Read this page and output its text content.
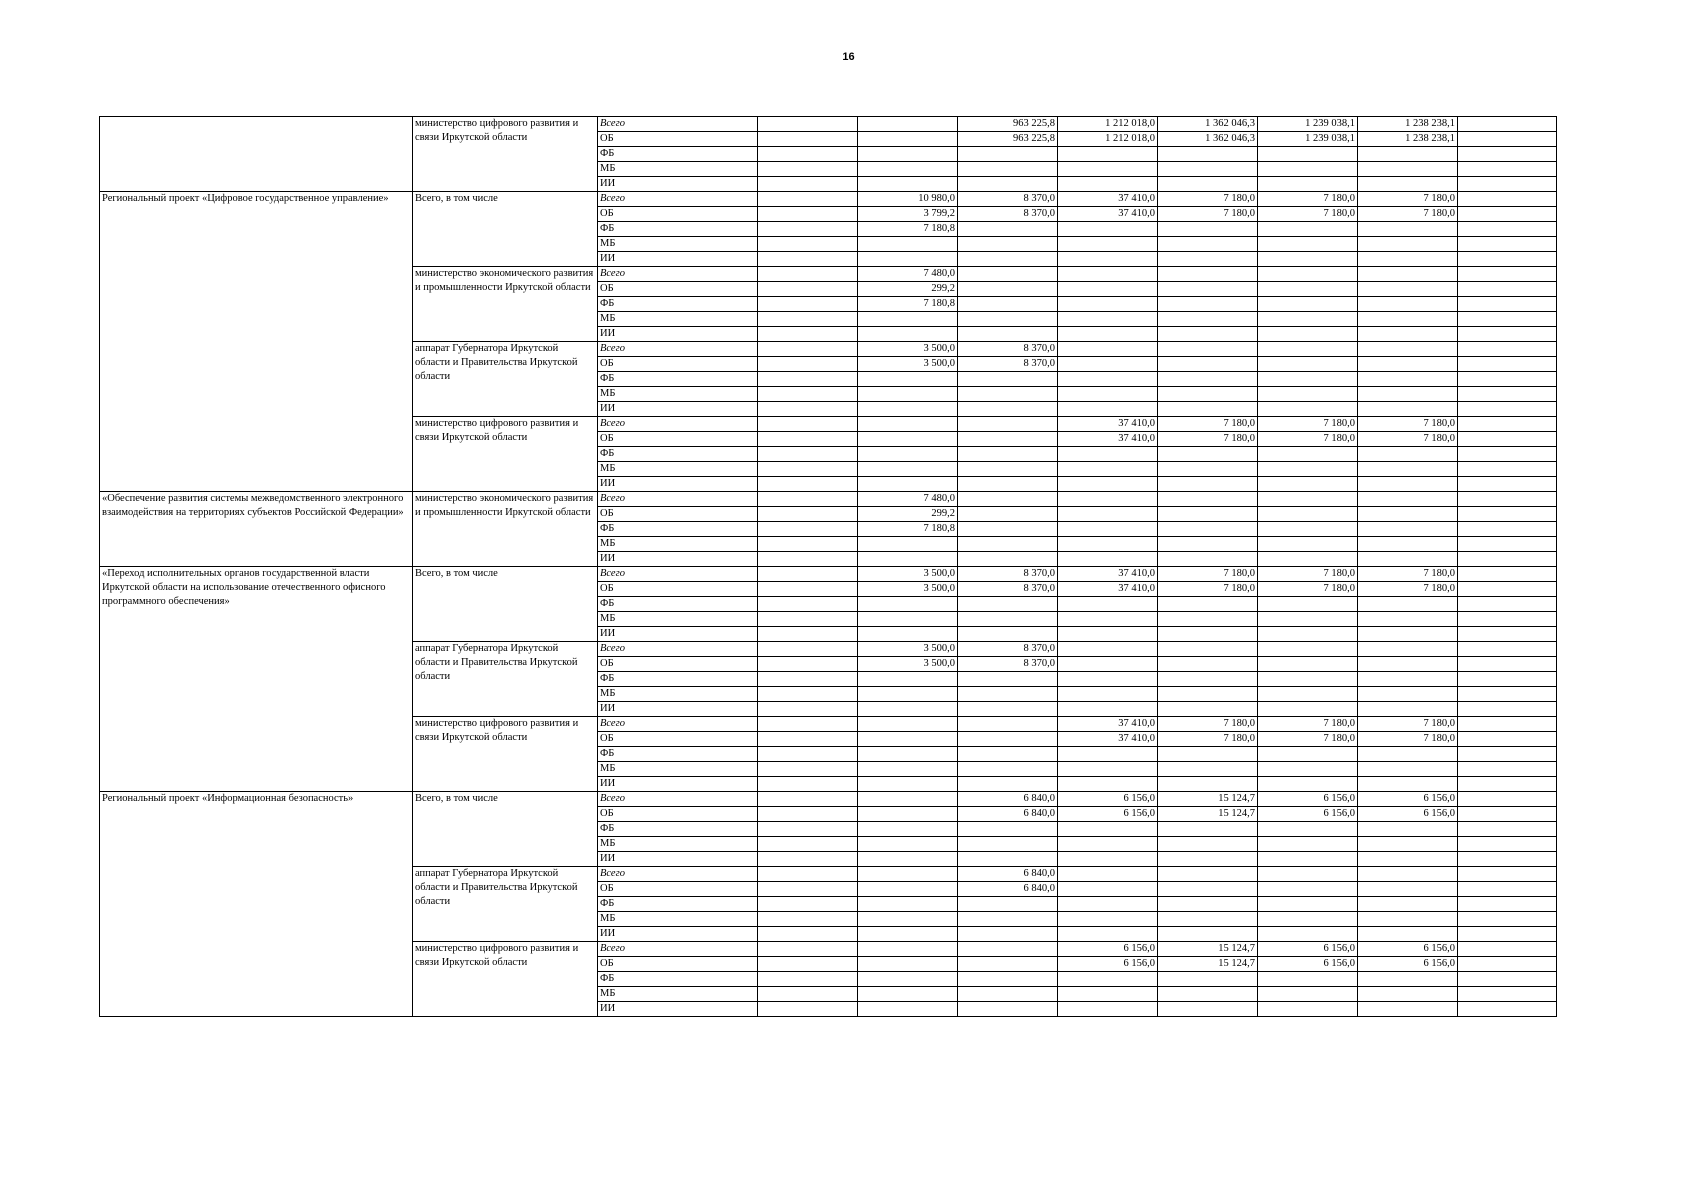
16
	министерство цифрового развития и связи Иркутской области	Всего			963 225,8	1 212 018,0	1 362 046,3	1 239 038,1	1 238 238,1	
		ОБ			963 225,8	1 212 018,0	1 362 046,3	1 239 038,1	1 238 238,1	
		ФБ								
		МБ								
		ИИ								
Региональный проект «Цифровое государственное управление»	Всего, в том числе	Всего		10 980,0	8 370,0	37 410,0	7 180,0	7 180,0	7 180,0	
		ОБ		3 799,2	8 370,0	37 410,0	7 180,0	7 180,0	7 180,0	
		ФБ		7 180,8						
		МБ								
		ИИ								
	министерство экономического развития и промышленности Иркутской области	Всего		7 480,0						
		ОБ		299,2						
		ФБ		7 180,8						
		МБ								
		ИИ								
	аппарат Губернатора Иркутской области и Правительства Иркутской области	Всего		3 500,0	8 370,0					
		ОБ		3 500,0	8 370,0					
		ФБ								
		МБ								
		ИИ								
	министерство цифрового развития и связи Иркутской области	Всего				37 410,0	7 180,0	7 180,0	7 180,0	
		ОБ				37 410,0	7 180,0	7 180,0	7 180,0	
		ФБ								
		МБ								
		ИИ								
«Обеспечение развития системы межведомственного электронного взаимодействия на территориях субъектов Российской Федерации»	министерство экономического развития и промышленности Иркутской области	Всего		7 480,0						
		ОБ		299,2						
		ФБ		7 180,8						
		МБ								
		ИИ								
«Переход исполнительных органов государственной власти Иркутской области на использование отечественного офисного программного обеспечения»	Всего, в том числе	Всего		3 500,0	8 370,0	37 410,0	7 180,0	7 180,0	7 180,0	
		ОБ		3 500,0	8 370,0	37 410,0	7 180,0	7 180,0	7 180,0	
		ФБ								
		МБ								
		ИИ								
	аппарат Губернатора Иркутской области и Правительства Иркутской области	Всего		3 500,0	8 370,0					
		ОБ		3 500,0	8 370,0					
		ФБ								
		МБ								
		ИИ								
	министерство цифрового развития и связи Иркутской области	Всего				37 410,0	7 180,0	7 180,0	7 180,0	
		ОБ				37 410,0	7 180,0	7 180,0	7 180,0	
		ФБ								
		МБ								
		ИИ								
Региональный проект «Информационная безопасность»	Всего, в том числе	Всего			6 840,0	6 156,0	15 124,7	6 156,0	6 156,0	
		ОБ			6 840,0	6 156,0	15 124,7	6 156,0	6 156,0	
		ФБ								
		МБ								
		ИИ								
	аппарат Губернатора Иркутской области и Правительства Иркутской области	Всего			6 840,0					
		ОБ			6 840,0					
		ФБ								
		МБ								
		ИИ								
	министерство цифрового развития и связи Иркутской области	Всего				6 156,0	15 124,7	6 156,0	6 156,0	
		ОБ				6 156,0	15 124,7	6 156,0	6 156,0	
		ФБ								
		МБ								
		ИИ								
